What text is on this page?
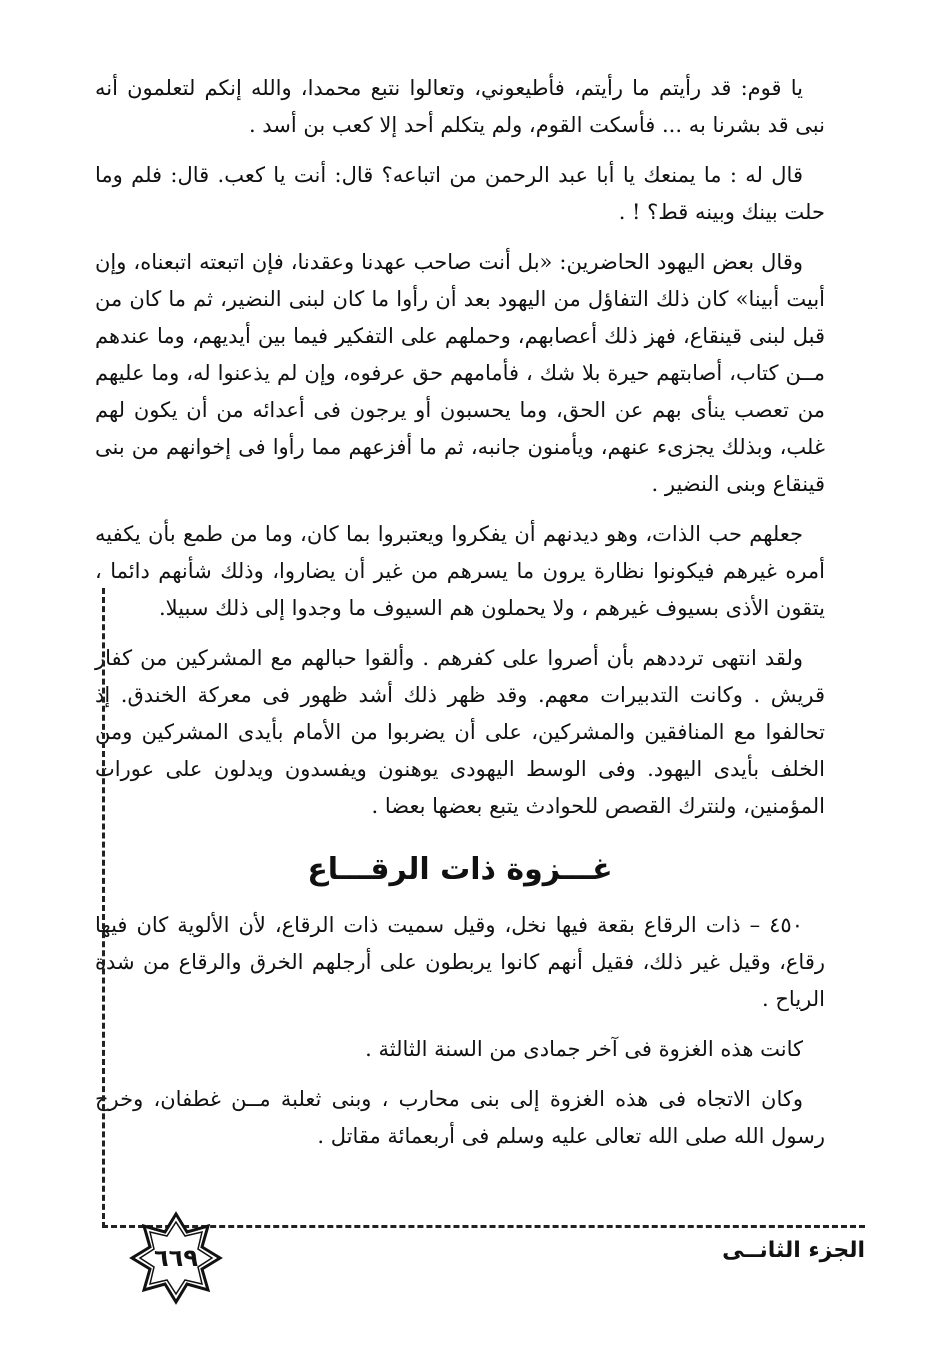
يا قوم: قد رأيتم ما رأيتم، فأطيعوني، وتعالوا نتبع محمدا، والله إنكم لتعلمون أنه نبى قد بشرنا به ... فأسكت القوم، ولم يتكلم أحد إلا كعب بن أسد .

قال له : ما يمنعك يا أبا عبد الرحمن من اتباعه؟ قال: أنت يا كعب. قال: فلم وما حلت بينك وبينه قط؟ ! .

وقال بعض اليهود الحاضرين: «بل أنت صاحب عهدنا وعقدنا، فإن اتبعته اتبعناه، وإن أبيت أبينا» كان ذلك التفاؤل من اليهود بعد أن رأوا ما كان لبنى النضير، ثم ما كان من قبل لبنى قينقاع، فهز ذلك أعصابهم، وحملهم على التفكير فيما بين أيديهم، وما عندهم مــن كتاب، أصابتهم حيرة بلا شك ، فأمامهم حق عرفوه، وإن لم يذعنوا له، وما عليهم من تعصب ينأى بهم عن الحق، وما يحسبون أو يرجون فى أعدائه من أن يكون لهم غلب، وبذلك يجزىء عنهم، ويأمنون جانبه، ثم ما أفزعهم مما رأوا فى إخوانهم من بنى قينقاع وبنى النضير .

جعلهم حب الذات، وهو ديدنهم أن يفكروا ويعتبروا بما كان، وما من طمع بأن يكفيه أمره غيرهم فيكونوا نظارة يرون ما يسرهم من غير أن يضاروا، وذلك شأنهم دائما ، يتقون الأذى بسيوف غيرهم ، ولا يحملون هم السيوف ما وجدوا إلى ذلك سبيلا.

ولقد انتهى ترددهم بأن أصروا على كفرهم . وألقوا حبالهم مع المشركين من كفار قريش . وكانت التدبيرات معهم. وقد ظهر ذلك أشد ظهور فى معركة الخندق. إذ تحالفوا مع المنافقين والمشركين، على أن يضربوا من الأمام بأيدى المشركين ومن الخلف بأيدى اليهود. وفى الوسط اليهودى يوهنون ويفسدون ويدلون على عورات المؤمنين، ولنترك القصص للحوادث يتبع بعضها بعضا .

غـــزوة ذات الرقـــاع

٤٥٠ – ذات الرقاع بقعة فيها نخل، وقيل سميت ذات الرقاع، لأن الألوية كان فيها رقاع، وقيل غير ذلك، فقيل أنهم كانوا يربطون على أرجلهم الخرق والرقاع من شدة الرياح .

كانت هذه الغزوة فى آخر جمادى من السنة الثالثة .

وكان الاتجاه فى هذه الغزوة إلى بنى محارب ، وبنى ثعلبة مــن غطفان، وخرج رسول الله صلى الله تعالى عليه وسلم فى أربعمائة مقاتل .

٦٦٩	الجزء الثانــى
